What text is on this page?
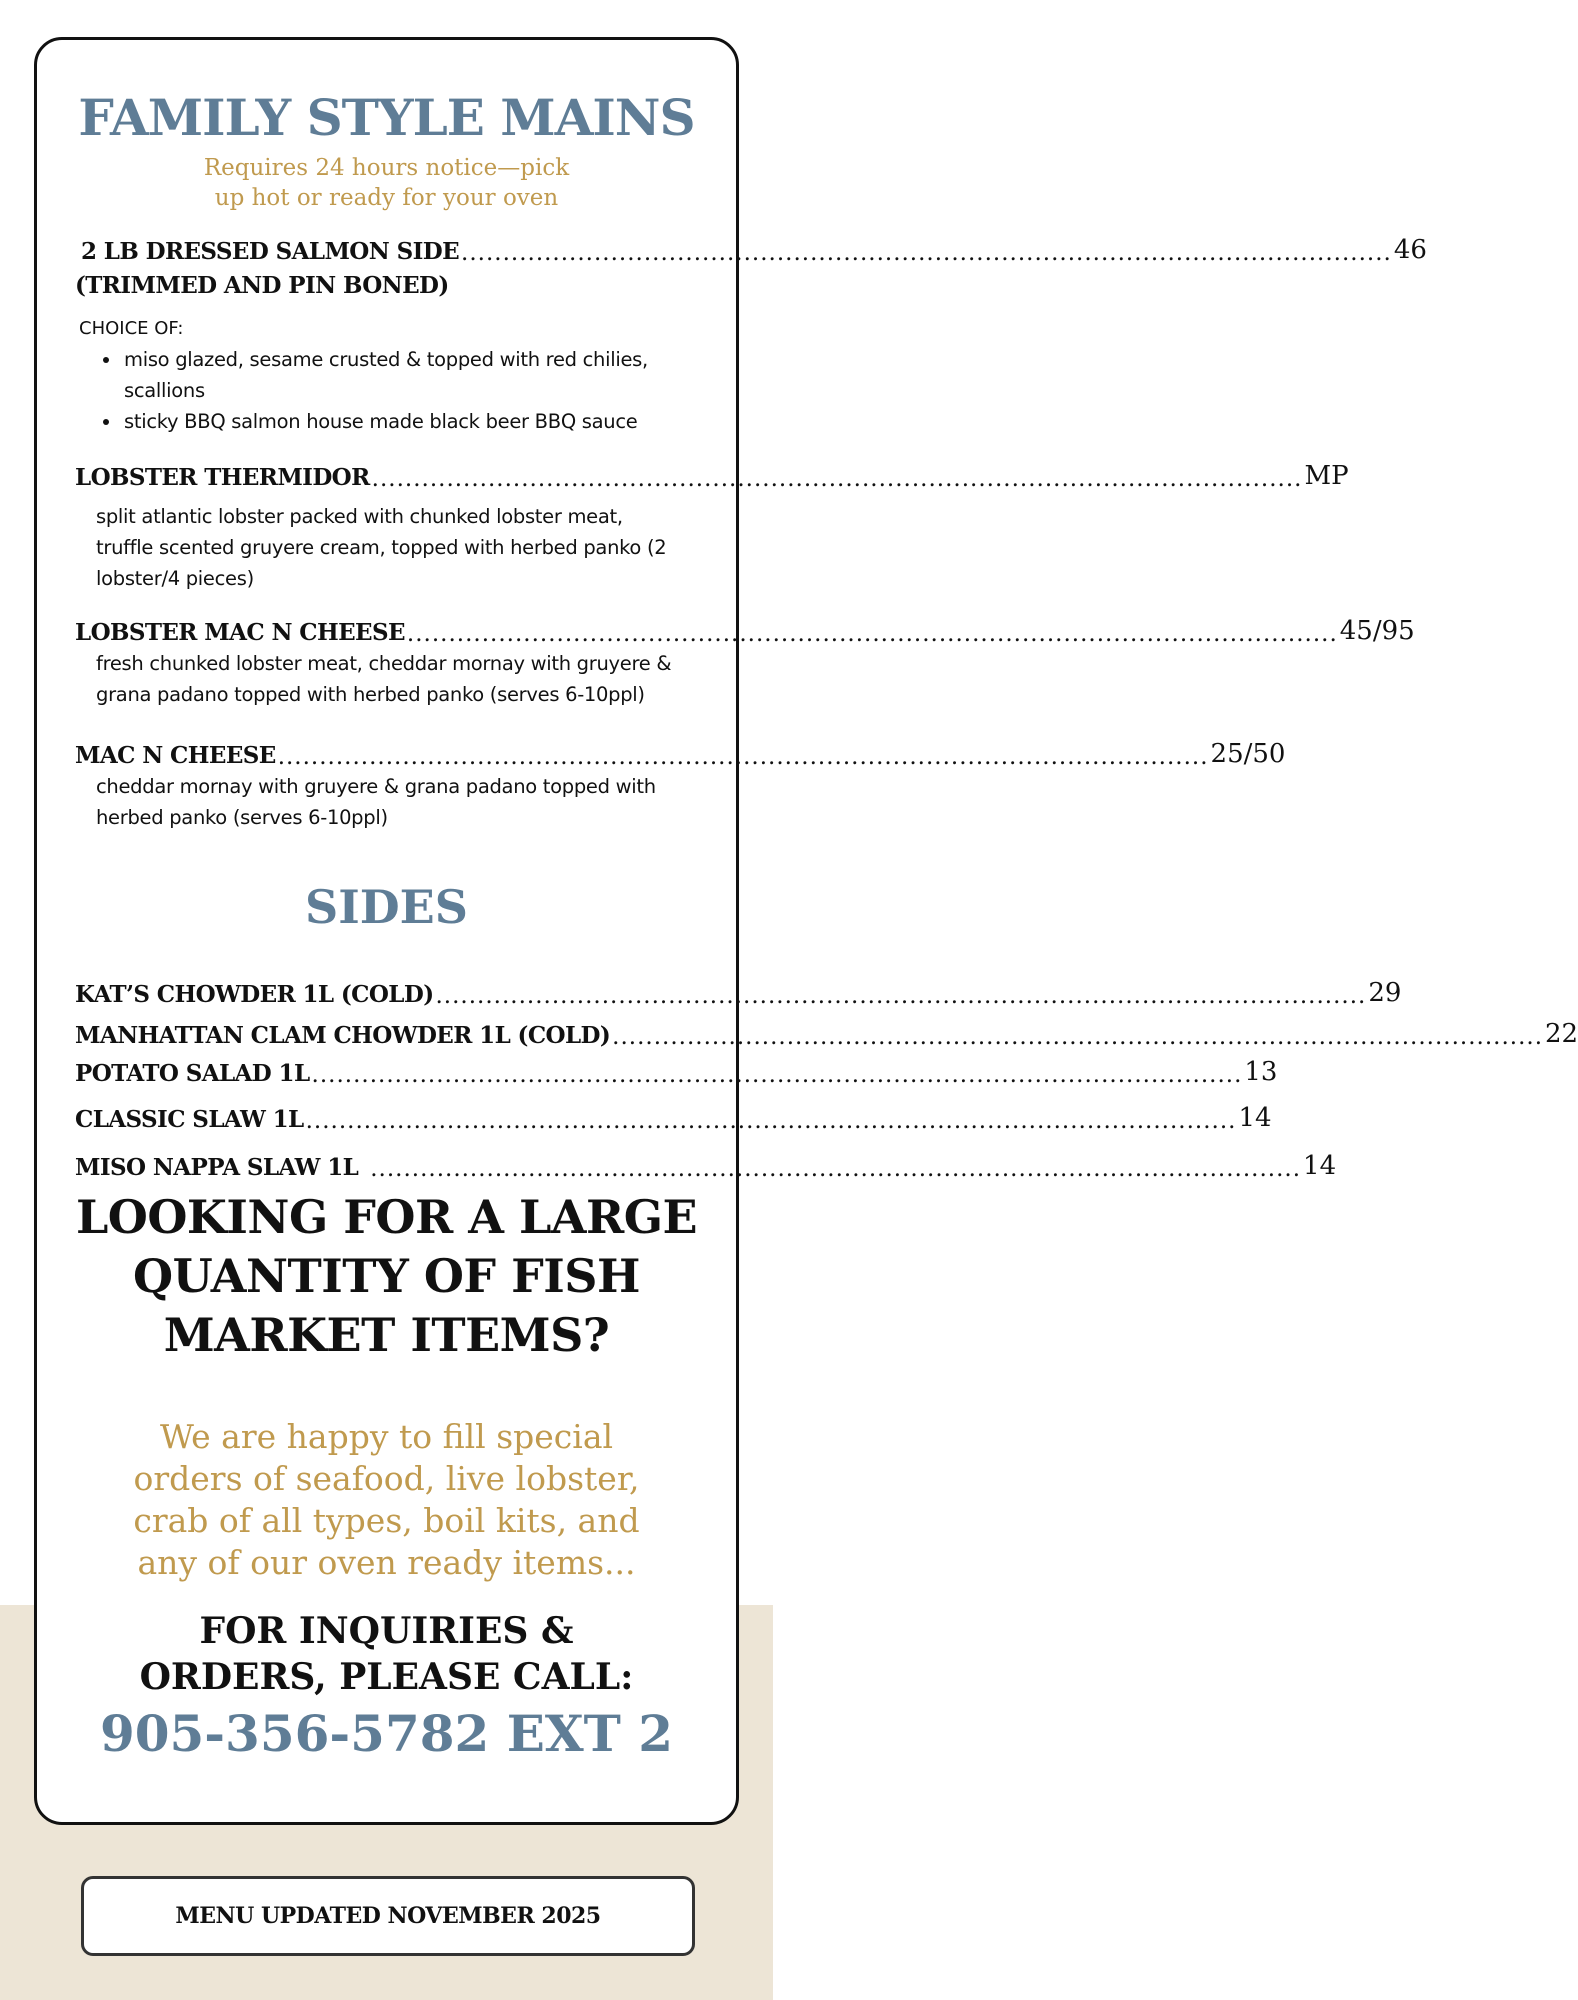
FAMILY STYLE MAINS
Requires 24 hours notice—pick
up hot or ready for your oven
2 LB DRESSED SALMON SIDE ................................................................................................................ 46
(TRIMMED AND PIN BONED)
CHOICE OF:
• miso glazed, sesame crusted & topped with red chilies, scallions
• sticky BBQ salmon house made black beer BBQ sauce
LOBSTER THERMIDOR ................................................................................................................ MP
split atlantic lobster packed with chunked lobster meat, truffle scented gruyere cream, topped with herbed panko (2 lobster/4 pieces)
LOBSTER MAC N CHEESE ................................................................................................................ 45/95
fresh chunked lobster meat, cheddar mornay with gruyere & grana padano topped with herbed panko (serves 6-10ppl)
MAC N CHEESE ................................................................................................................ 25/50
cheddar mornay with gruyere & grana padano topped with herbed panko (serves 6-10ppl)
SIDES
KAT’S CHOWDER 1L (COLD) ................................................................................................................ 29
MANHATTAN CLAM CHOWDER 1L (COLD) ................................................................................................................ 22
POTATO SALAD 1L ................................................................................................................ 13
CLASSIC SLAW 1L ................................................................................................................ 14
MISO NAPPA SLAW 1L ................................................................................................................ 14
LOOKING FOR A LARGE
QUANTITY OF FISH
MARKET ITEMS?
We are happy to fill special
orders of seafood, live lobster,
crab of all types, boil kits, and
any of our oven ready items...
FOR INQUIRIES &
ORDERS, PLEASE CALL:
905-356-5782 EXT 2
MENU UPDATED NOVEMBER 2025
